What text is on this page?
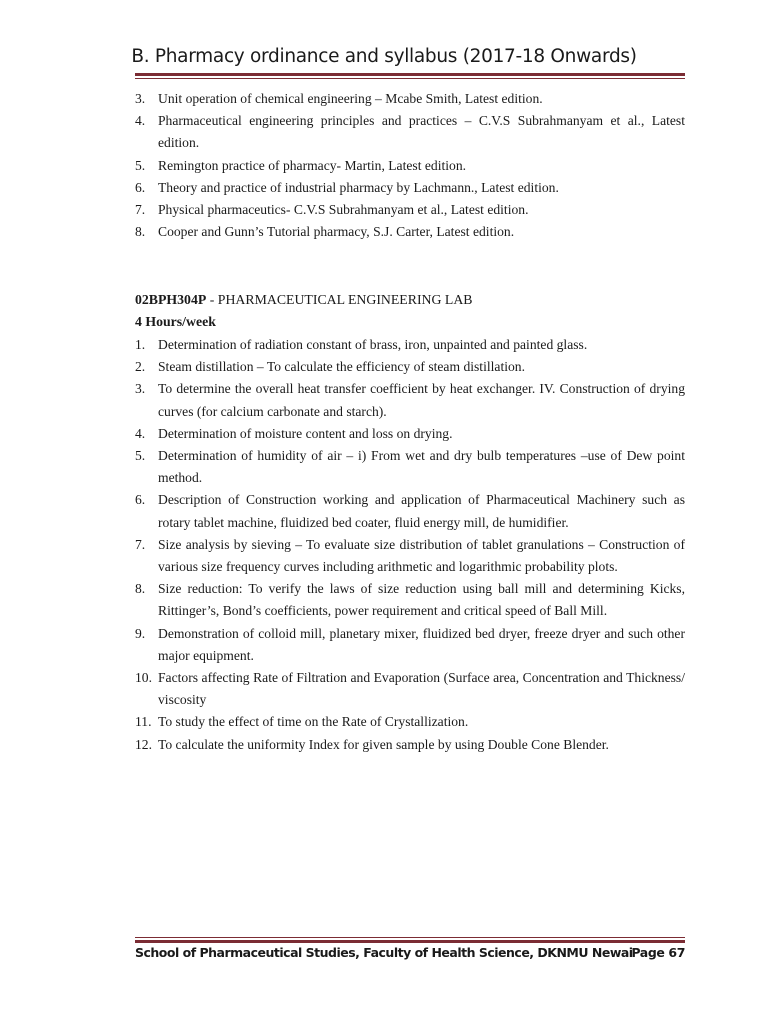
B. Pharmacy ordinance and syllabus (2017-18 Onwards)
3. Unit operation of chemical engineering – Mcabe Smith, Latest edition.
4. Pharmaceutical engineering principles and practices – C.V.S Subrahmanyam et al., Latest edition.
5. Remington practice of pharmacy- Martin, Latest edition.
6. Theory and practice of industrial pharmacy by Lachmann., Latest edition.
7. Physical pharmaceutics- C.V.S Subrahmanyam et al., Latest edition.
8. Cooper and Gunn’s Tutorial pharmacy, S.J. Carter, Latest edition.
02BPH304P - PHARMACEUTICAL ENGINEERING LAB
4 Hours/week
1. Determination of radiation constant of brass, iron, unpainted and painted glass.
2. Steam distillation – To calculate the efficiency of steam distillation.
3. To determine the overall heat transfer coefficient by heat exchanger. IV. Construction of drying curves (for calcium carbonate and starch).
4. Determination of moisture content and loss on drying.
5. Determination of humidity of air – i) From wet and dry bulb temperatures –use of Dew point method.
6. Description of Construction working and application of Pharmaceutical Machinery such as rotary tablet machine, fluidized bed coater, fluid energy mill, de humidifier.
7. Size analysis by sieving – To evaluate size distribution of tablet granulations – Construction of various size frequency curves including arithmetic and logarithmic probability plots.
8. Size reduction: To verify the laws of size reduction using ball mill and determining Kicks, Rittinger’s, Bond’s coefficients, power requirement and critical speed of Ball Mill.
9. Demonstration of colloid mill, planetary mixer, fluidized bed dryer, freeze dryer and such other major equipment.
10. Factors affecting Rate of Filtration and Evaporation (Surface area, Concentration and Thickness/ viscosity
11. To study the effect of time on the Rate of Crystallization.
12. To calculate the uniformity Index for given sample by using Double Cone Blender.
School of Pharmaceutical Studies, Faculty of Health Science, DKNMU Newai
Page 67
